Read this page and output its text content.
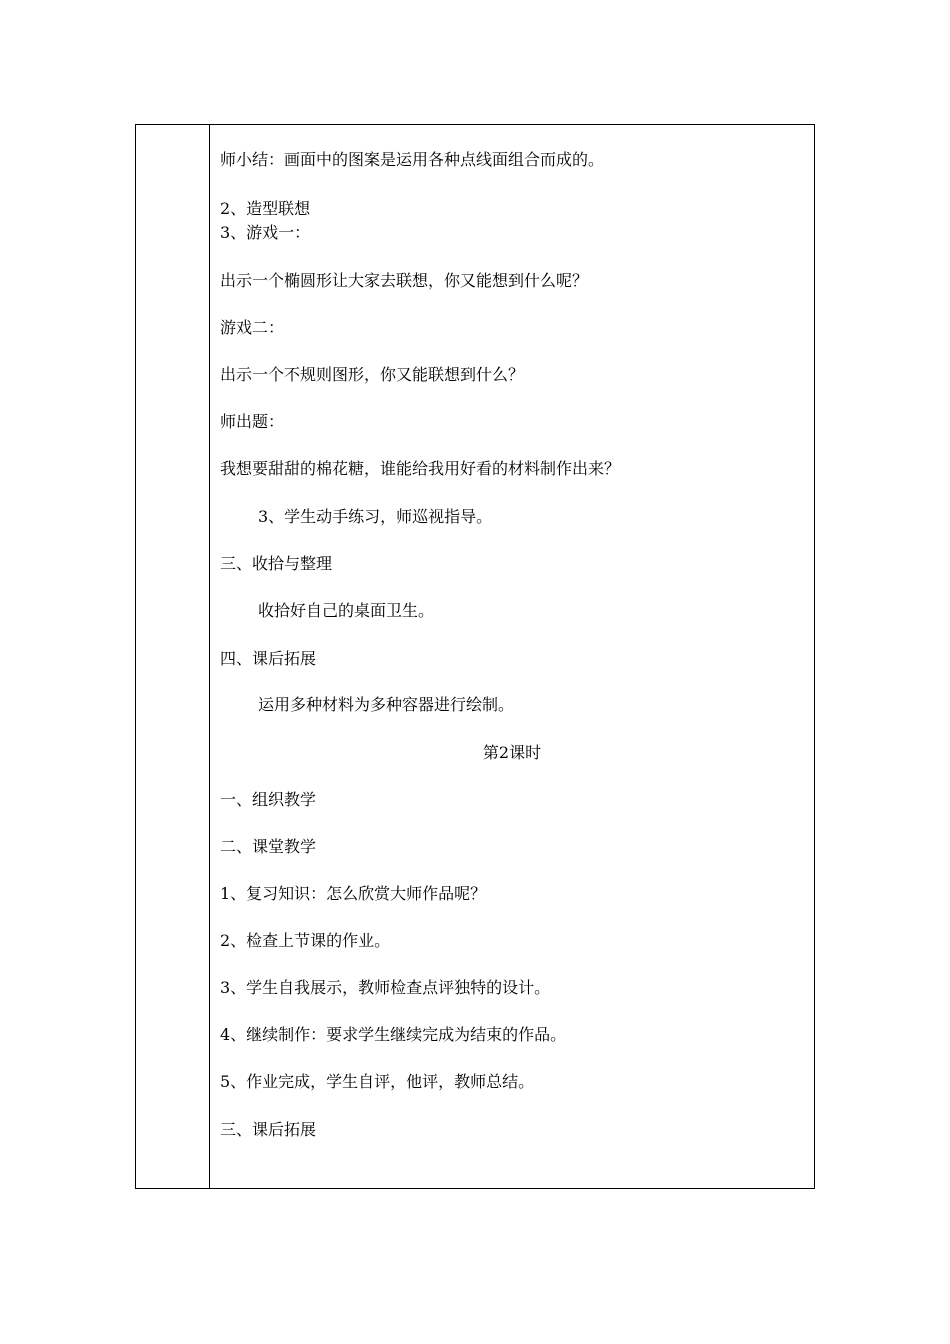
师小结：画面中的图案是运用各种点线面组合而成的。
2、造型联想
3、游戏一：
出示一个椭圆形让大家去联想，你又能想到什么呢？
游戏二：
出示一个不规则图形，你又能联想到什么？
师出题：
我想要甜甜的棉花糖，谁能给我用好看的材料制作出来？
3、学生动手练习，师巡视指导。
三、收拾与整理
收拾好自己的桌面卫生。
四、课后拓展
运用多种材料为多种容器进行绘制。
第2课时
一、组织教学
二、课堂教学
1、复习知识：怎么欣赏大师作品呢？
2、检查上节课的作业。
3、学生自我展示，教师检查点评独特的设计。
4、继续制作：要求学生继续完成为结束的作品。
5、作业完成，学生自评，他评，教师总结。
三、课后拓展
